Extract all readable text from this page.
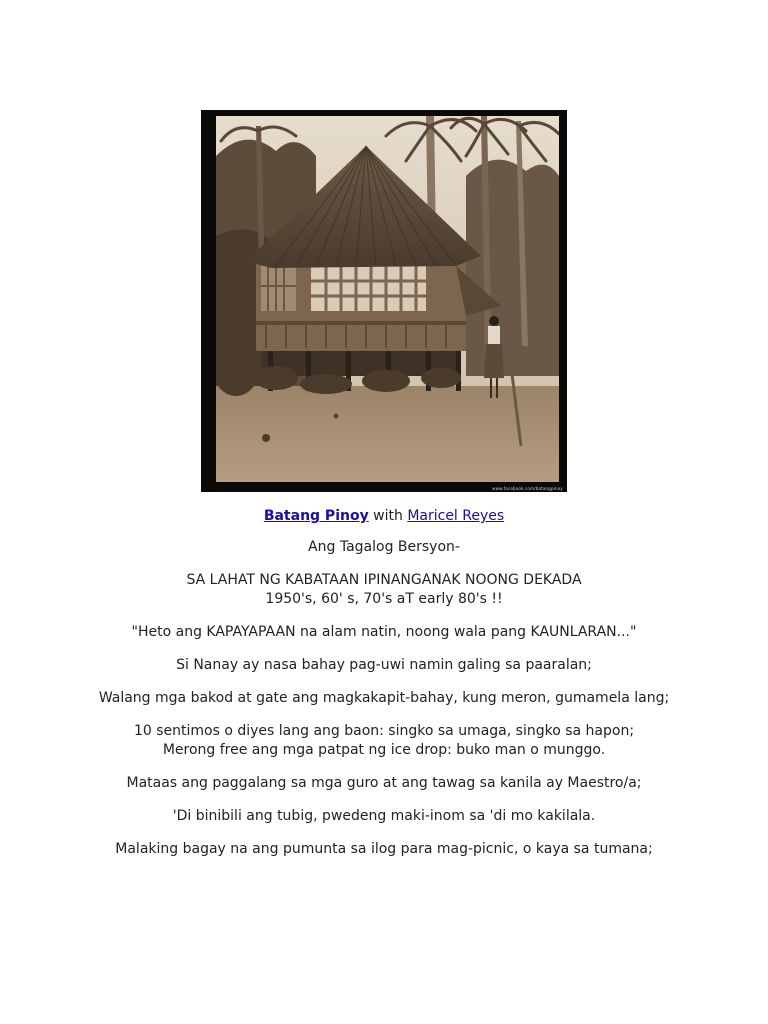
www.facebook.com/batangpinoy

Batang Pinoy with Maricel Reyes

Ang Tagalog Bersyon-

SA LAHAT NG KABATAAN IPINANGANAK NOONG DEKADA
1950's, 60' s, 70's aT early 80's !!

"Heto ang KAPAYAPAAN na alam natin, noong wala pang KAUNLARAN..."

Si Nanay ay nasa bahay pag-uwi namin galing sa paaralan;

Walang mga bakod at gate ang magkakapit-bahay, kung meron, gumamela lang;

10 sentimos o diyes lang ang baon: singko sa umaga, singko sa hapon;
Merong free ang mga patpat ng ice drop: buko man o munggo.

Mataas ang paggalang sa mga guro at ang tawag sa kanila ay Maestro/a;

'Di binibili ang tubig, pwedeng maki-inom sa 'di mo kakilala.

Malaking bagay na ang pumunta sa ilog para mag-picnic, o kaya sa tumana;
